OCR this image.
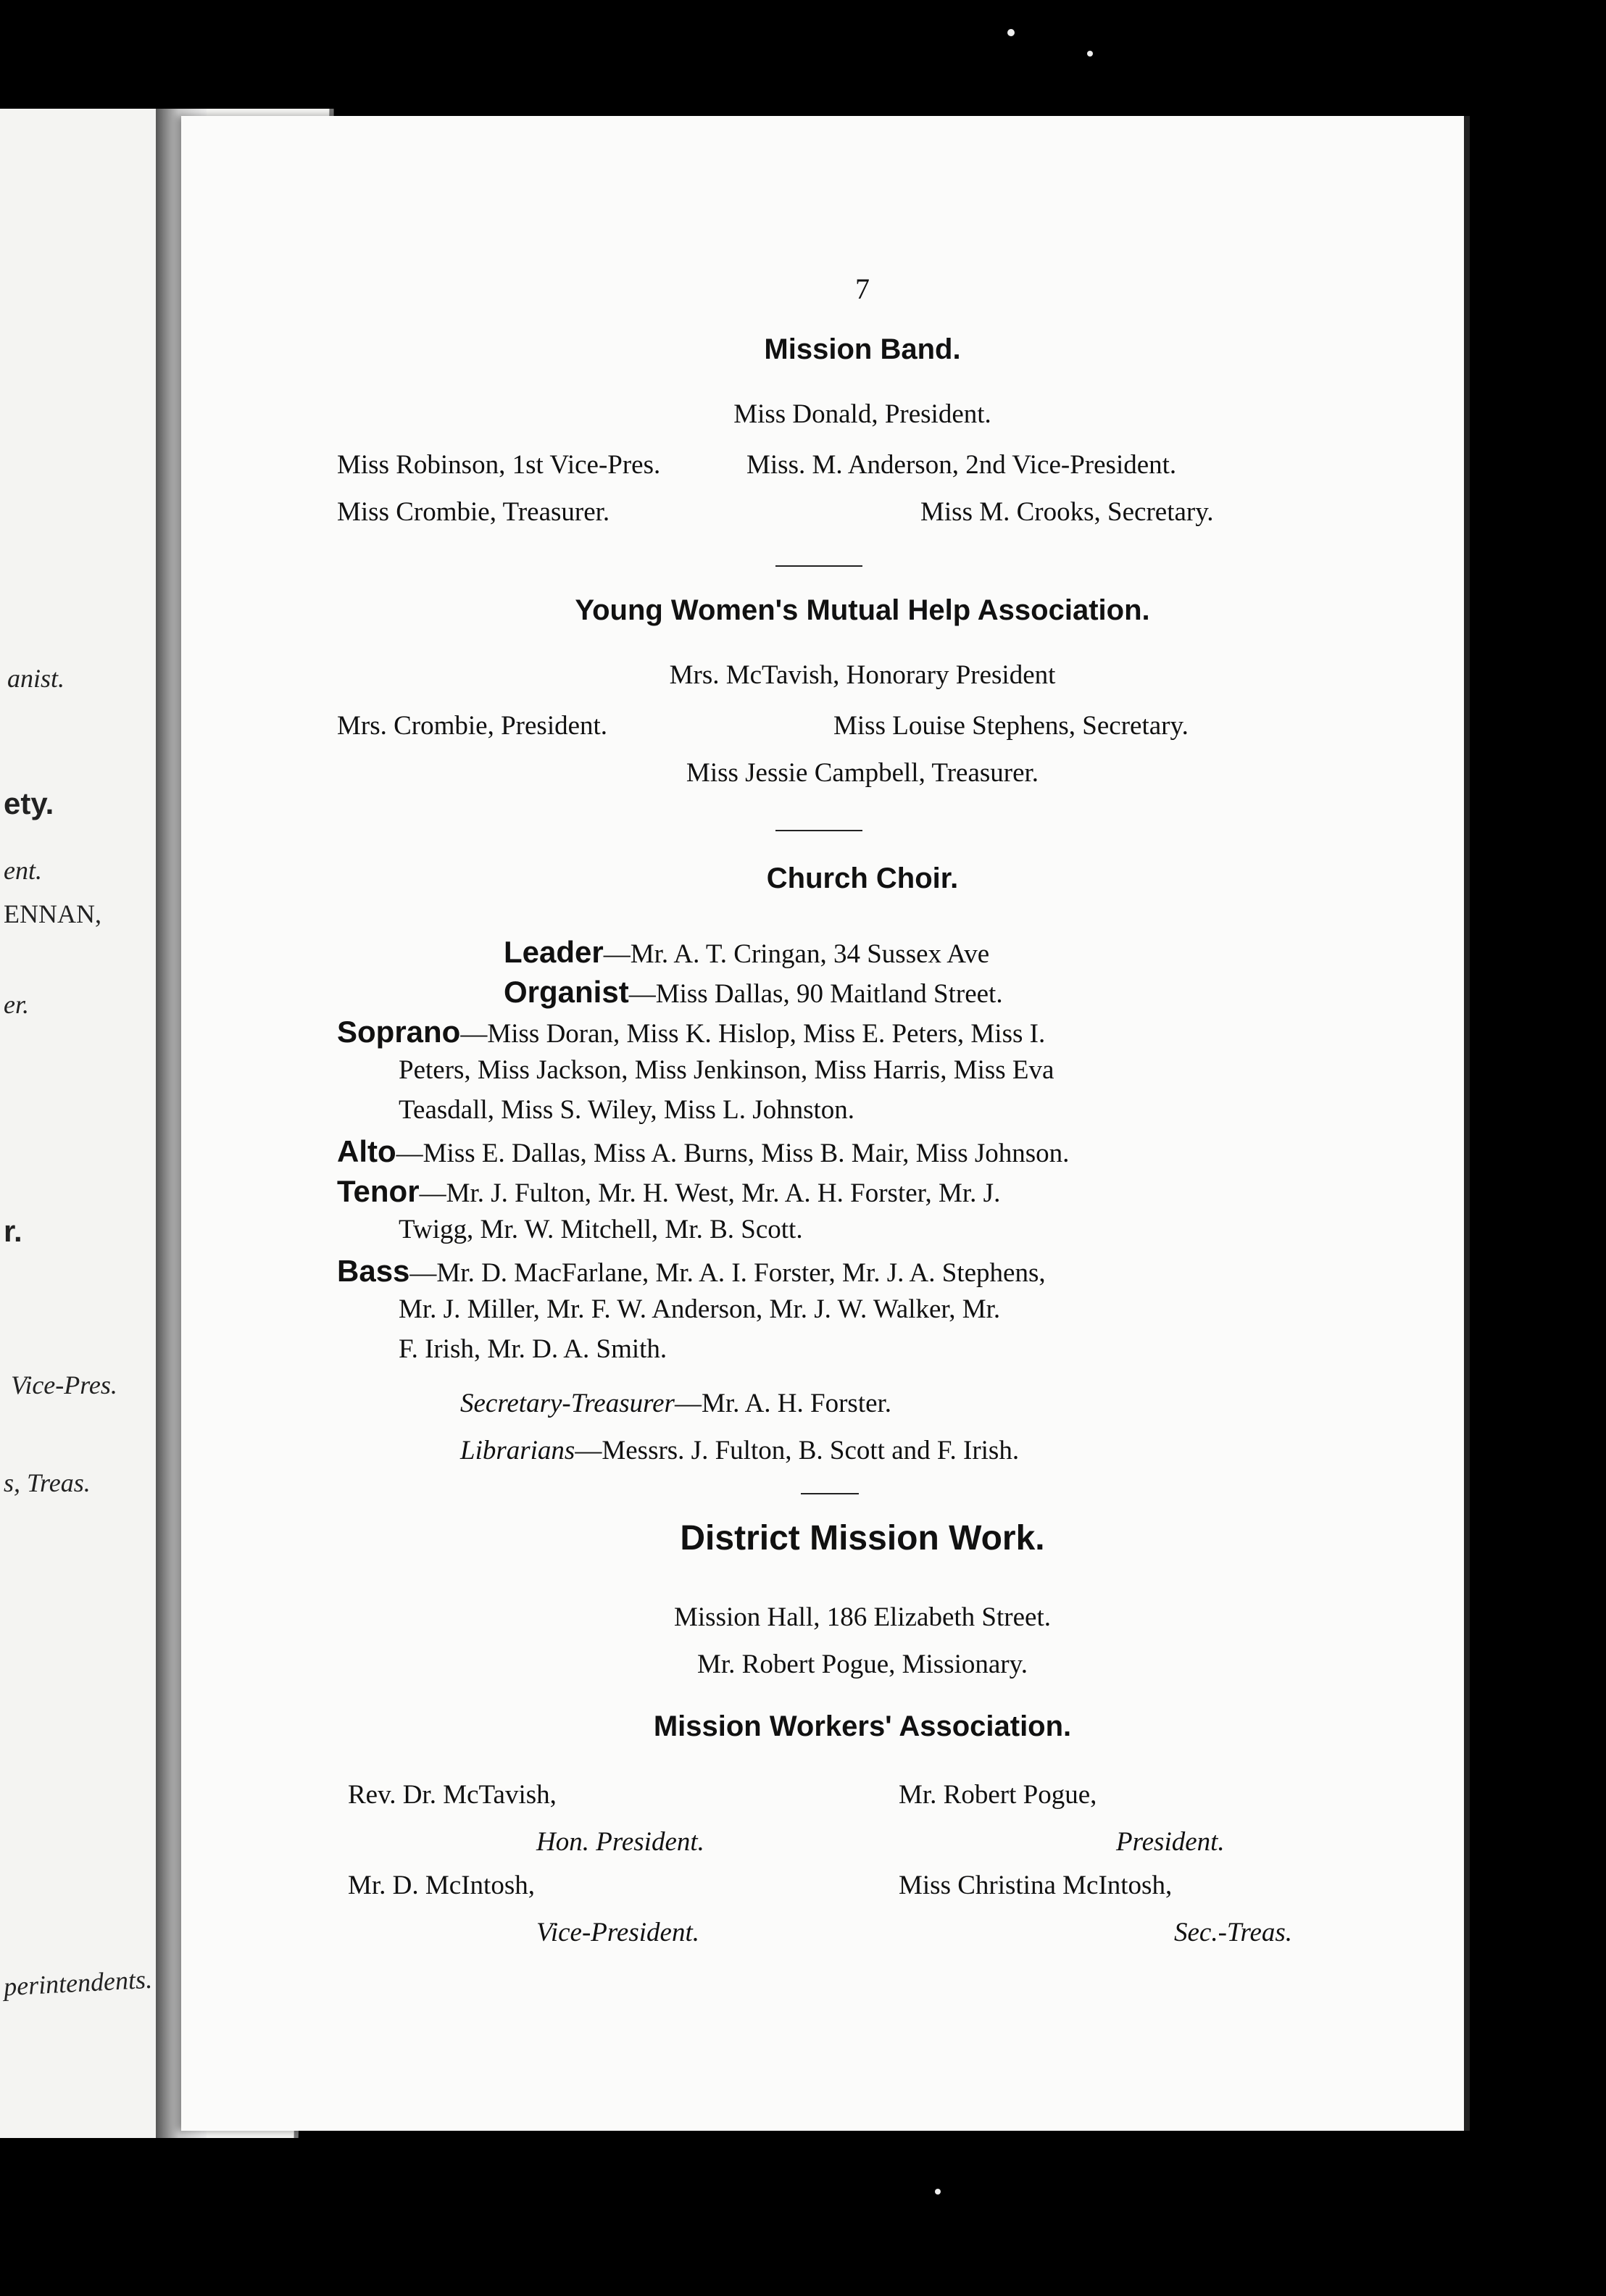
anist.
ety.
ent.
ENNAN,
er.
r.
Vice-Pres.
s, Treas.
perintendents.
7
Mission Band.
Miss Donald, President.
Miss Robinson, 1st Vice-Pres.	Miss. M. Anderson, 2nd Vice-President.
Miss Crombie, Treasurer.	Miss M. Crooks, Secretary.
Young Women's Mutual Help Association.
Mrs. McTavish, Honorary President
Mrs. Crombie, President.	Miss Louise Stephens, Secretary.
Miss Jessie Campbell, Treasurer.
Church Choir.
Leader—Mr. A. T. Cringan, 34 Sussex Ave
Organist—Miss Dallas, 90 Maitland Street.
Soprano—Miss Doran, Miss K. Hislop, Miss E. Peters, Miss I.
Peters, Miss Jackson, Miss Jenkinson, Miss Harris, Miss Eva
Teasdall, Miss S. Wiley, Miss L. Johnston.
Alto—Miss E. Dallas, Miss A. Burns, Miss B. Mair, Miss Johnson.
Tenor—Mr. J. Fulton, Mr. H. West, Mr. A. H. Forster, Mr. J.
Twigg, Mr. W. Mitchell, Mr. B. Scott.
Bass—Mr. D. MacFarlane, Mr. A. I. Forster, Mr. J. A. Stephens,
Mr. J. Miller, Mr. F. W. Anderson, Mr. J. W. Walker, Mr.
F. Irish, Mr. D. A. Smith.
Secretary-Treasurer—Mr. A. H. Forster.
Librarians—Messrs. J. Fulton, B. Scott and F. Irish.
District Mission Work.
Mission Hall, 186 Elizabeth Street.
Mr. Robert Pogue, Missionary.
Mission Workers' Association.
Rev. Dr. McTavish,
Hon. President.
Mr. Robert Pogue,
President.
Mr. D. McIntosh,
Vice-President.
Miss Christina McIntosh,
Sec.-Treas.
